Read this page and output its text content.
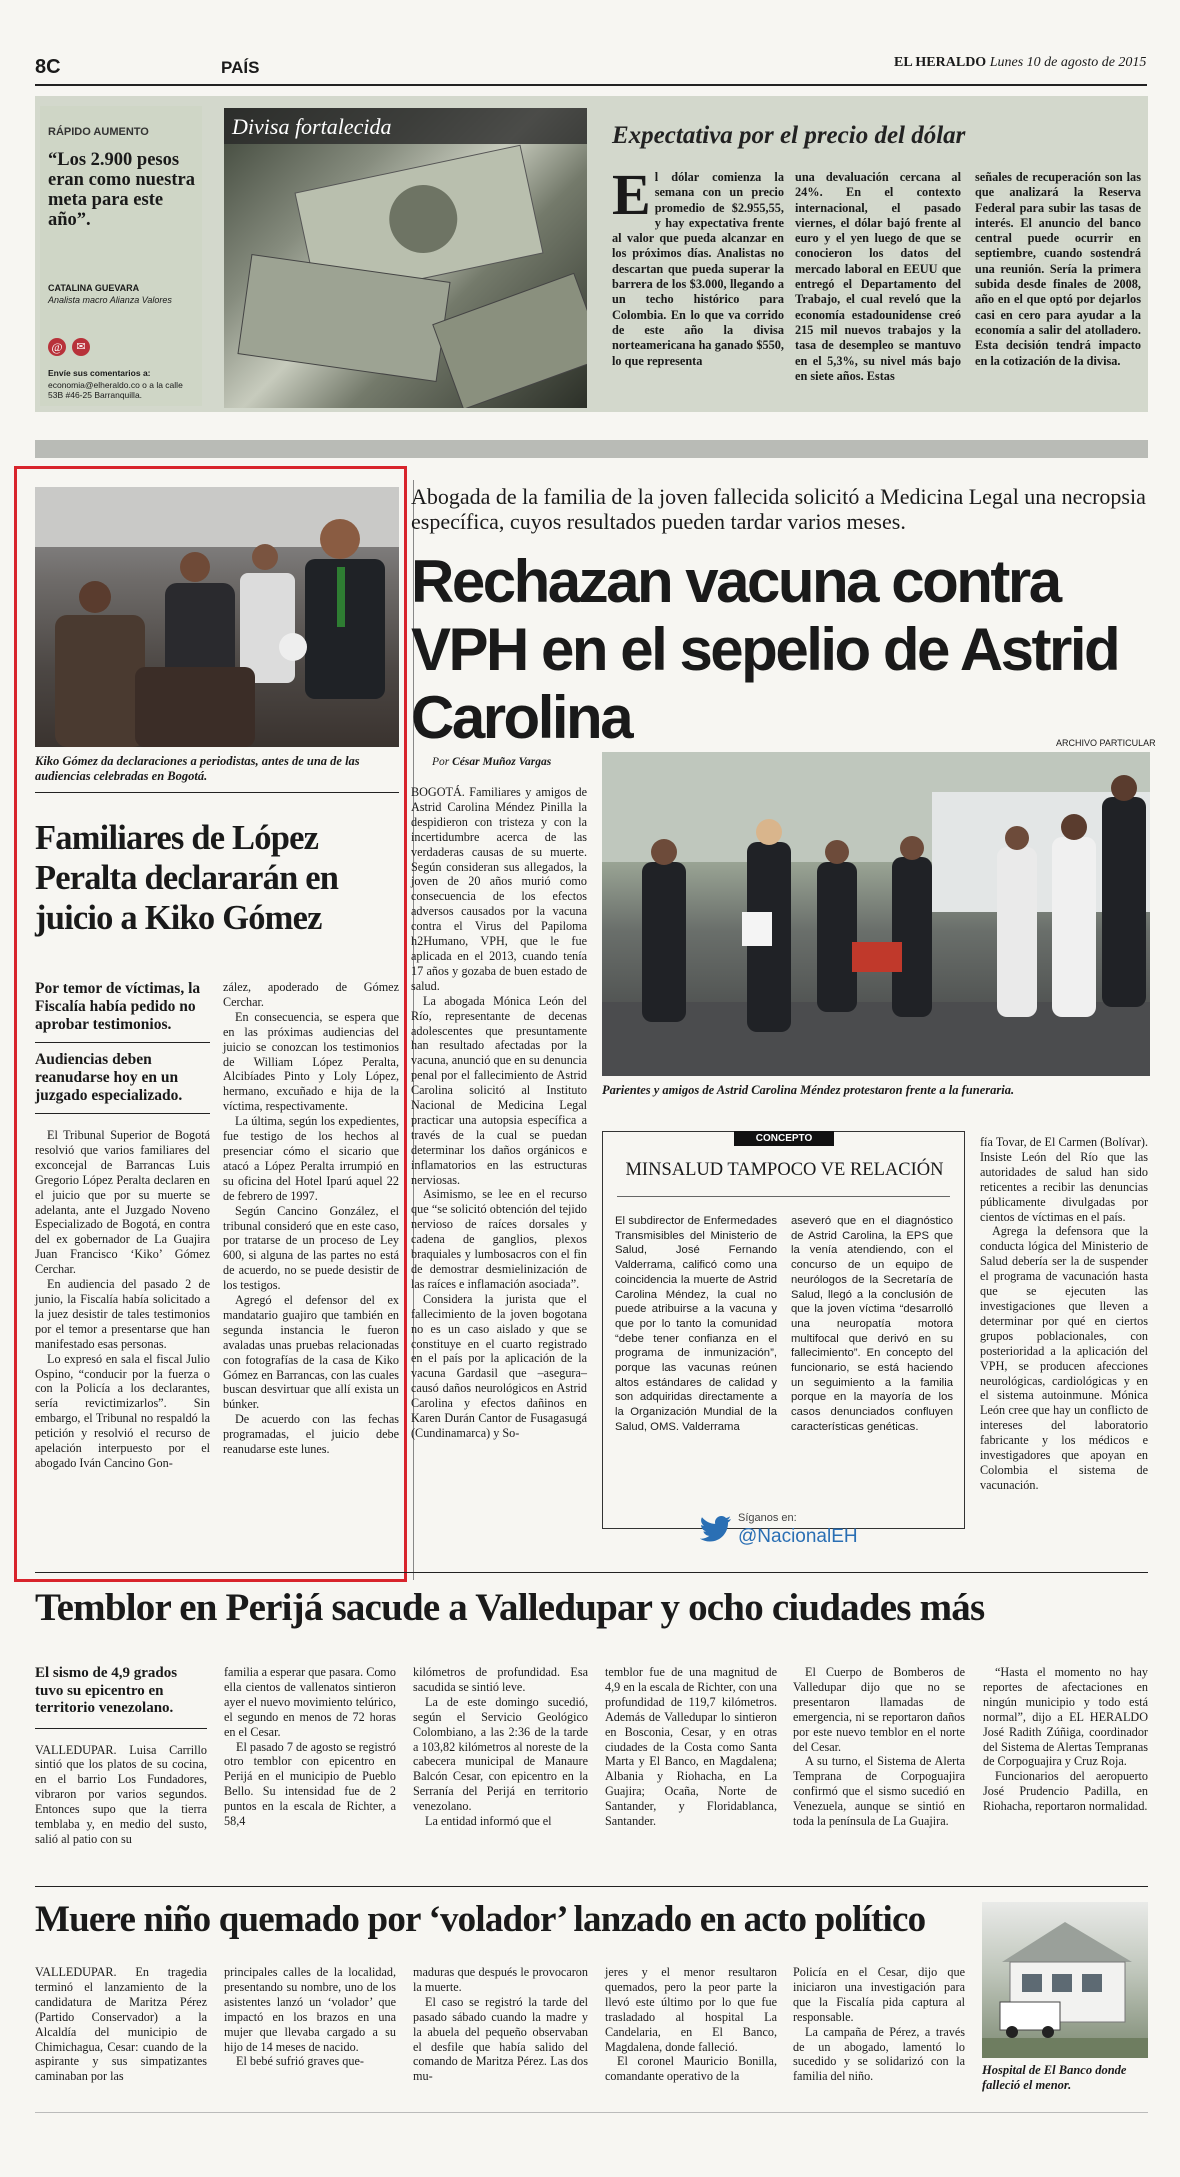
8C	PAÍS	EL HERALDO Lunes 10 de agosto de 2015
RÁPIDO AUMENTO
“Los 2.900 pesos eran como nuestra meta para este año”.
CATALINA GUEVARA
Analista macro Alianza Valores
@	✉
Envíe sus comentarios a:
economia@elheraldo.co o a la calle 53B #46-25 Barranquilla.
Divisa fortalecida	Expectativa por el precio del dólar
E l dólar comienza la semana con un precio promedio de $2.955,55, y hay expectativa frente al valor que pueda alcanzar en los próximos días. Analistas no descartan que pueda superar la barrera de los $3.000, llegando a un techo histórico para Colombia. En lo que va corrido de este año la divisa norteamericana ha ganado $550, lo que representa
una devaluación cercana al 24%. En el contexto internacional, el pasado viernes, el dólar bajó frente al euro y el yen luego de que se conocieron los datos del mercado laboral en EEUU que entregó el Departamento del Trabajo, el cual reveló que la economía estadounidense creó 215 mil nuevos trabajos y la tasa de desempleo se mantuvo en el 5,3%, su nivel más bajo en siete años. Estas
señales de recuperación son las que analizará la Reserva Federal para subir las tasas de interés. El anuncio del banco central puede ocurrir en septiembre, cuando sostendrá una reunión. Sería la primera subida desde finales de 2008, año en el que optó por dejarlos casi en cero para ayudar a la economía a salir del atolladero. Esta decisión tendrá impacto en la cotización de la divisa.
Kiko Gómez da declaraciones a periodistas, antes de una de las audiencias celebradas en Bogotá.
Familiares de López Peralta declararán en juicio a Kiko Gómez
Por temor de víctimas, la Fiscalía había pedido no aprobar testimonios.
Audiencias deben reanudarse hoy en un juzgado especializado.

El Tribunal Superior de Bogotá resolvió que varios familiares del exconcejal de Barrancas Luis Gregorio López Peralta declaren en el juicio que por su muerte se adelanta, ante el Juzgado Noveno Especializado de Bogotá, en contra del ex gobernador de La Guajira Juan Francisco ‘Kiko’ Gómez Cerchar.

En audiencia del pasado 2 de junio, la Fiscalía había solicitado a la juez desistir de tales testimonios por el temor a presentarse que han manifestado esas personas.

Lo expresó en sala el fiscal Julio Ospino, “conducir por la fuerza o con la Policía a los declarantes, sería revictimizarlos”. Sin embargo, el Tribunal no respaldó la petición y resolvió el recurso de apelación interpuesto por el abogado Iván Cancino Gon-

zález, apoderado de Gómez Cerchar.

En consecuencia, se espera que en las próximas audiencias del juicio se conozcan los testimonios de William López Peralta, Alcibíades Pinto y Loly López, hermano, excuñado e hija de la víctima, respectivamente.

La última, según los expedientes, fue testigo de los hechos al presenciar cómo el sicario que atacó a López Peralta irrumpió en su oficina del Hotel Iparú aquel 22 de febrero de 1997.

Según Cancino González, el tribunal consideró que en este caso, por tratarse de un proceso de Ley 600, si alguna de las partes no está de acuerdo, no se puede desistir de los testigos.

Agregó el defensor del ex mandatario guajiro que también en segunda instancia le fueron avaladas unas pruebas relacionadas con fotografías de la casa de Kiko Gómez en Barrancas, con las cuales buscan desvirtuar que allí exista un búnker.

De acuerdo con las fechas programadas, el juicio debe reanudarse este lunes.

Abogada de la familia de la joven fallecida solicitó a Medicina Legal una necropsia específica, cuyos resultados pueden tardar varios meses.
Rechazan vacuna contra VPH en el sepelio de Astrid Carolina	ARCHIVO PARTICULAR
Parientes y amigos de Astrid Carolina Méndez protestaron frente a la funeraria.
Por César Muñoz Vargas

BOGOTÁ. Familiares y amigos de Astrid Carolina Méndez Pinilla la despidieron con tristeza y con la incertidumbre acerca de las verdaderas causas de su muerte. Según consideran sus allegados, la joven de 20 años murió como consecuencia de los efectos adversos causados por la vacuna contra el Virus del Papiloma h2Humano, VPH, que le fue aplicada en el 2013, cuando tenía 17 años y gozaba de buen estado de salud.

La abogada Mónica León del Río, representante de decenas adolescentes que presuntamente han resultado afectadas por la vacuna, anunció que en su denuncia penal por el fallecimiento de Astrid Carolina solicitó al Instituto Nacional de Medicina Legal practicar una autopsia específica a través de la cual se puedan determinar los daños orgánicos e inflamatorios en las estructuras nerviosas.

Asimismo, se lee en el recurso que “se solicitó obtención del tejido nervioso de raíces dorsales y cadena de ganglios, plexos braquiales y lumbosacros con el fin de demostrar desmielinización de las raíces e inflamación asociada”.

Considera la jurista que el fallecimiento de la joven bogotana no es un caso aislado y que se constituye en el cuarto registrado en el país por la aplicación de la vacuna Gardasil que –asegura– causó daños neurológicos en Astrid Carolina y efectos dañinos en Karen Durán Cantor de Fusagasugá (Cundinamarca) y So-

CONCEPTO
MINSALUD TAMPOCO VE RELACIÓN
El subdirector de Enfermedades Transmisibles del Ministerio de Salud, José Fernando Valderrama, calificó como una coincidencia la muerte de Astrid Carolina Méndez, la cual no puede atribuirse a la vacuna y que por lo tanto la comunidad “debe tener confianza en el programa de inmunización”, porque las vacunas reúnen altos estándares de calidad y son adquiridas directamente a la Organización Mundial de la Salud, OMS. Valderrama
aseveró que en el diagnóstico de Astrid Carolina, la EPS que la venía atendiendo, con el concurso de un equipo de neurólogos de la Secretaría de Salud, llegó a la conclusión de que la joven víctima “desarrolló una neuropatía motora multifocal que derivó en su fallecimiento”. En concepto del funcionario, se está haciendo un seguimiento a la familia porque en la mayoría de los casos denunciados confluyen características genéticas.
Síganos en:
@NacionalEH

fía Tovar, de El Carmen (Bolívar). Insiste León del Río que las autoridades de salud han sido reticentes a recibir las denuncias públicamente divulgadas por cientos de víctimas en el país.

Agrega la defensora que la conducta lógica del Ministerio de Salud debería ser la de suspender el programa de vacunación hasta que se ejecuten las investigaciones que lleven a determinar por qué en ciertos grupos poblacionales, con posterioridad a la aplicación del VPH, se producen afecciones neurológicas, cardiológicas y en el sistema autoinmune. Mónica León cree que hay un conflicto de intereses del laboratorio fabricante y los médicos e investigadores que apoyan en Colombia el sistema de vacunación.

Temblor en Perijá sacude a Valledupar y ocho ciudades más
El sismo de 4,9 grados tuvo su epicentro en territorio venezolano.
VALLEDUPAR. Luisa Carrillo sintió que los platos de su cocina, en el barrio Los Fundadores, vibraron por varios segundos. Entonces supo que la tierra temblaba y, en medio del susto, salió al patio con su

familia a esperar que pasara. Como ella cientos de vallenatos sintieron ayer el nuevo movimiento telúrico, el segundo en menos de 72 horas en el Cesar.

El pasado 7 de agosto se registró otro temblor con epicentro en Perijá en el municipio de Pueblo Bello. Su intensidad fue de 2 puntos en la escala de Richter, a 58,4

kilómetros de profundidad. Esa sacudida se sintió leve.

La de este domingo sucedió, según el Servicio Geológico Colombiano, a las 2:36 de la tarde a 103,82 kilómetros al noreste de la cabecera municipal de Manaure Balcón Cesar, con epicentro en la Serranía del Perijá en territorio venezolano.

La entidad informó que el

temblor fue de una magnitud de 4,9 en la escala de Richter, con una profundidad de 119,7 kilómetros. Además de Valledupar lo sintieron en Bosconia, Cesar, y en otras ciudades de la Costa como Santa Marta y El Banco, en Magdalena; Albania y Riohacha, en La Guajira; Ocaña, Norte de Santander, y Floridablanca, Santander.

El Cuerpo de Bomberos de Valledupar dijo que no se presentaron llamadas de emergencia, ni se reportaron daños por este nuevo temblor en el norte del Cesar.

A su turno, el Sistema de Alerta Temprana de Corpoguajira confirmó que el sismo sucedió en Venezuela, aunque se sintió en toda la península de La Guajira.

“Hasta el momento no hay reportes de afectaciones en ningún municipio y todo está normal”, dijo a EL HERALDO José Radith Zúñiga, coordinador del Sistema de Alertas Tempranas de Corpoguajira y Cruz Roja.

Funcionarios del aeropuerto José Prudencio Padilla, en Riohacha, reportaron normalidad.

Muere niño quemado por ‘volador’ lanzado en acto político
VALLEDUPAR. En tragedia terminó el lanzamiento de la candidatura de Maritza Pérez (Partido Conservador) a la Alcaldía del municipio de Chimichagua, Cesar: cuando de la aspirante y sus simpatizantes caminaban por las

principales calles de la localidad, presentando su nombre, uno de los asistentes lanzó un ‘volador’ que impactó en los brazos en una mujer que llevaba cargado a su hijo de 14 meses de nacido.

El bebé sufrió graves que-

maduras que después le provocaron la muerte.

El caso se registró la tarde del pasado sábado cuando la madre y la abuela del pequeño observaban el desfile que había salido del comando de Maritza Pérez. Las dos mu-

jeres y el menor resultaron quemados, pero la peor parte la llevó este último por lo que fue trasladado al hospital La Candelaria, en El Banco, Magdalena, donde falleció.

El coronel Mauricio Bonilla, comandante operativo de la

Policía en el Cesar, dijo que iniciaron una investigación para que la Fiscalía pida captura al responsable.

La campaña de Pérez, a través de un abogado, lamentó lo sucedido y se solidarizó con la familia del niño.	Hospital de El Banco donde falleció el menor.
